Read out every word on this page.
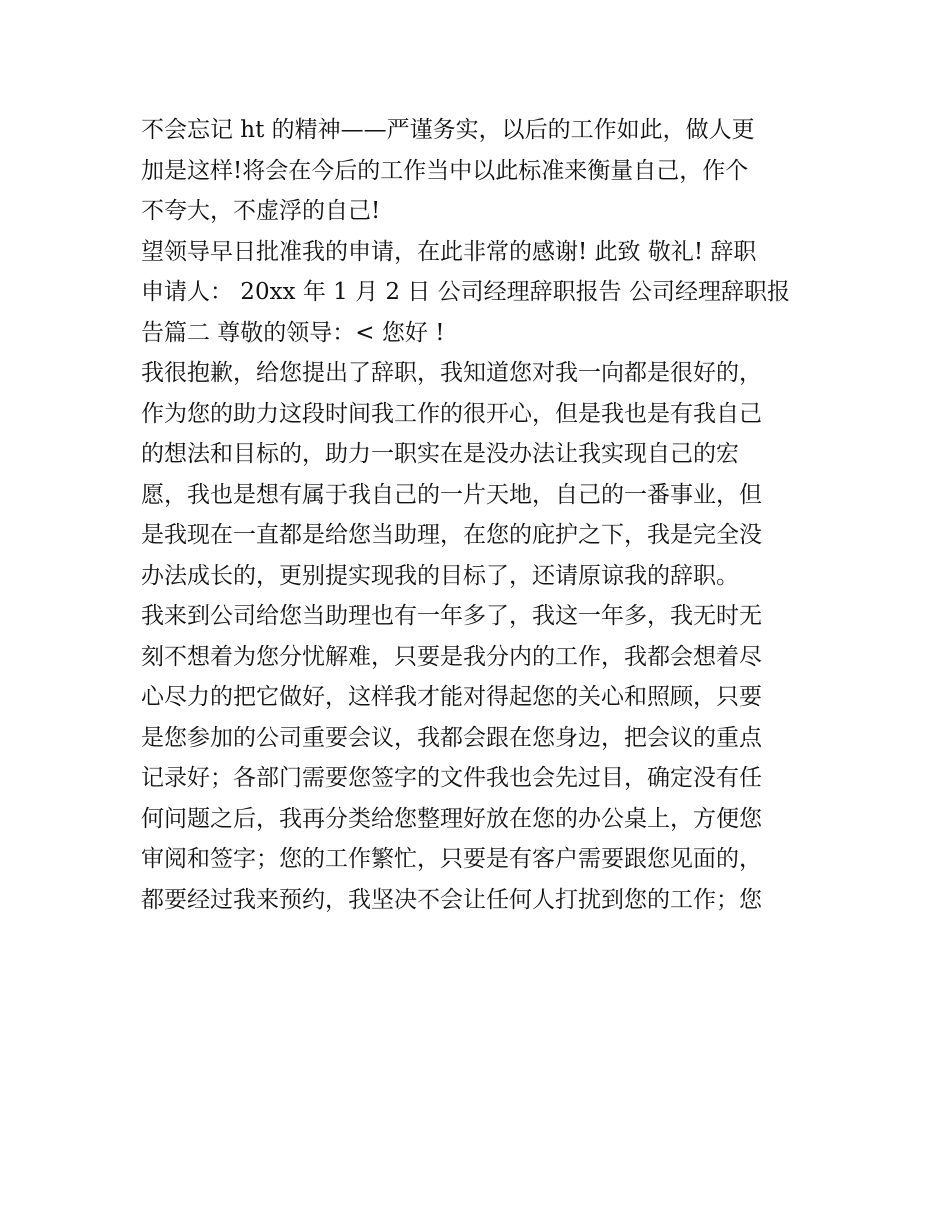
不会忘记 ht 的精神——严谨务实，以后的工作如此，做人更
加是这样!将会在今后的工作当中以此标准来衡量自己，作个
不夸大，不虚浮的自己!
望领导早日批准我的申请，在此非常的感谢! 此致 敬礼! 辞职
申请人： 20xx 年 1 月 2 日 公司经理辞职报告 公司经理辞职报
告篇二 尊敬的领导：< 您好 !
我很抱歉，给您提出了辞职，我知道您对我一向都是很好的，
作为您的助力这段时间我工作的很开心，但是我也是有我自己
的想法和目标的，助力一职实在是没办法让我实现自己的宏
愿，我也是想有属于我自己的一片天地，自己的一番事业，但
是我现在一直都是给您当助理，在您的庇护之下，我是完全没
办法成长的，更别提实现我的目标了，还请原谅我的辞职。
我来到公司给您当助理也有一年多了，我这一年多，我无时无
刻不想着为您分忧解难，只要是我分内的工作，我都会想着尽
心尽力的把它做好，这样我才能对得起您的关心和照顾，只要
是您参加的公司重要会议，我都会跟在您身边，把会议的重点
记录好；各部门需要您签字的文件我也会先过目，确定没有任
何问题之后，我再分类给您整理好放在您的办公桌上，方便您
审阅和签字；您的工作繁忙，只要是有客户需要跟您见面的，
都要经过我来预约，我坚决不会让任何人打扰到您的工作；您
